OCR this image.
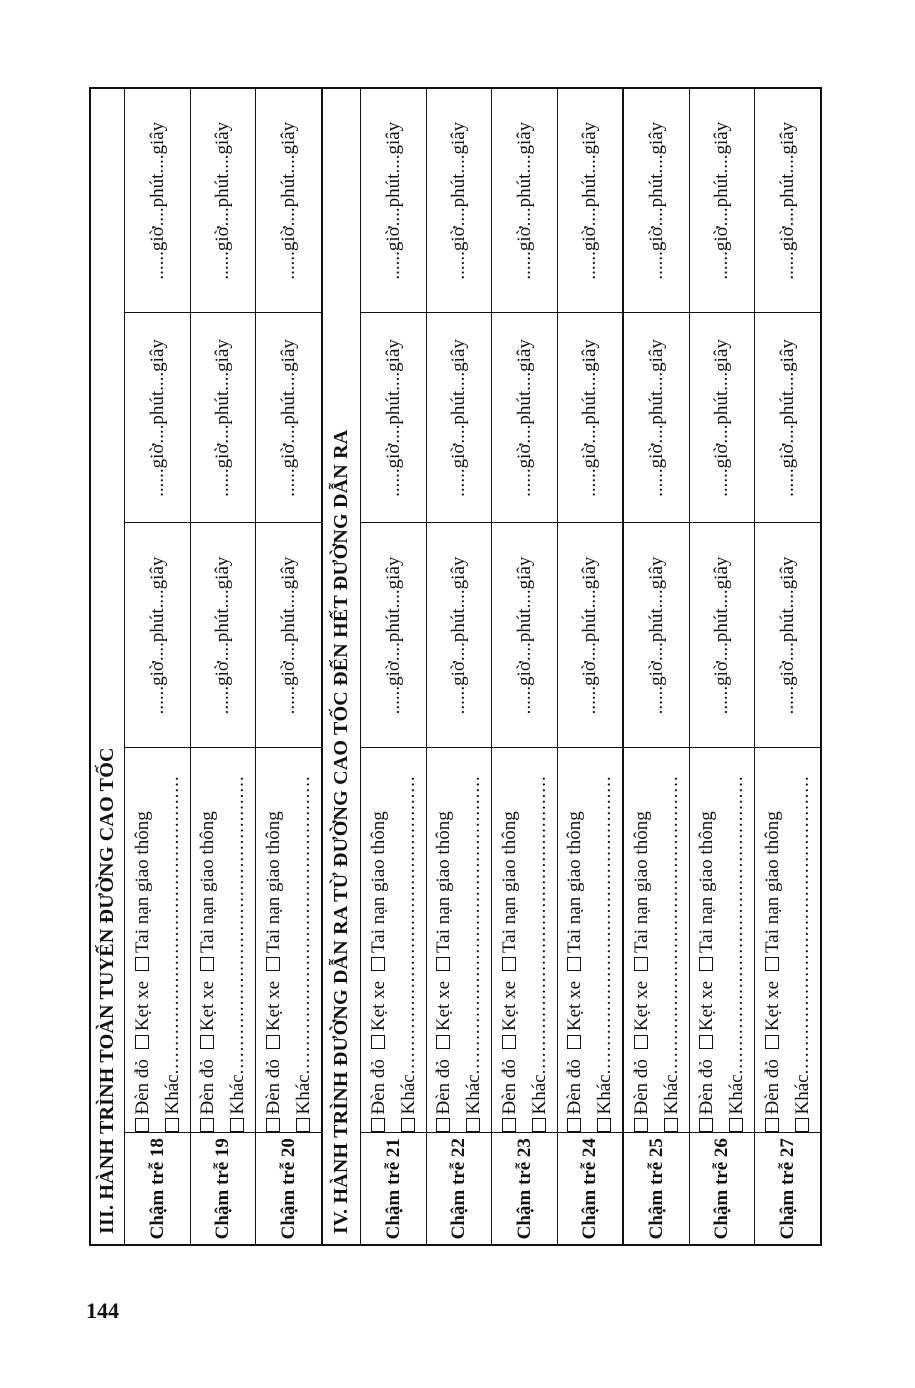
144
III. HÀNH TRÌNH TOÀN TUYẾN ĐƯỜNG CAO TỐC				
Chậm trễ 18	Đèn đỏKẹt xeTai nạn giao thông
Khác....................................................	......giờ....phút....giây	......giờ....phút....giây	......giờ....phút....giây
Chậm trễ 19	Đèn đỏKẹt xeTai nạn giao thông
Khác....................................................	......giờ....phút....giây	......giờ....phút....giây	......giờ....phút....giây
Chậm trễ 20	Đèn đỏKẹt xeTai nạn giao thông
Khác....................................................	......giờ....phút....giây	......giờ....phút....giây	......giờ....phút....giây
IV. HÀNH TRÌNH ĐƯỜNG DẪN RA TỪ ĐƯỜNG CAO TỐC ĐẾN HẾT ĐƯỜNG DẪN RA				
Chậm trễ 21	Đèn đỏKẹt xeTai nạn giao thông
Khác....................................................	......giờ....phút....giây	......giờ....phút....giây	......giờ....phút....giây
Chậm trễ 22	Đèn đỏKẹt xeTai nạn giao thông
Khác....................................................	......giờ....phút....giây	......giờ....phút....giây	......giờ....phút....giây
Chậm trễ 23	Đèn đỏKẹt xeTai nạn giao thông
Khác....................................................	......giờ....phút....giây	......giờ....phút....giây	......giờ....phút....giây
Chậm trễ 24	Đèn đỏKẹt xeTai nạn giao thông
Khác....................................................	......giờ....phút....giây	......giờ....phút....giây	......giờ....phút....giây
Chậm trễ 25	Đèn đỏKẹt xeTai nạn giao thông
Khác....................................................	......giờ....phút....giây	......giờ....phút....giây	......giờ....phút....giây
Chậm trễ 26	Đèn đỏKẹt xeTai nạn giao thông
Khác....................................................	......giờ....phút....giây	......giờ....phút....giây	......giờ....phút....giây
Chậm trễ 27	Đèn đỏKẹt xeTai nạn giao thông
Khác....................................................	......giờ....phút....giây	......giờ....phút....giây	......giờ....phút....giây
